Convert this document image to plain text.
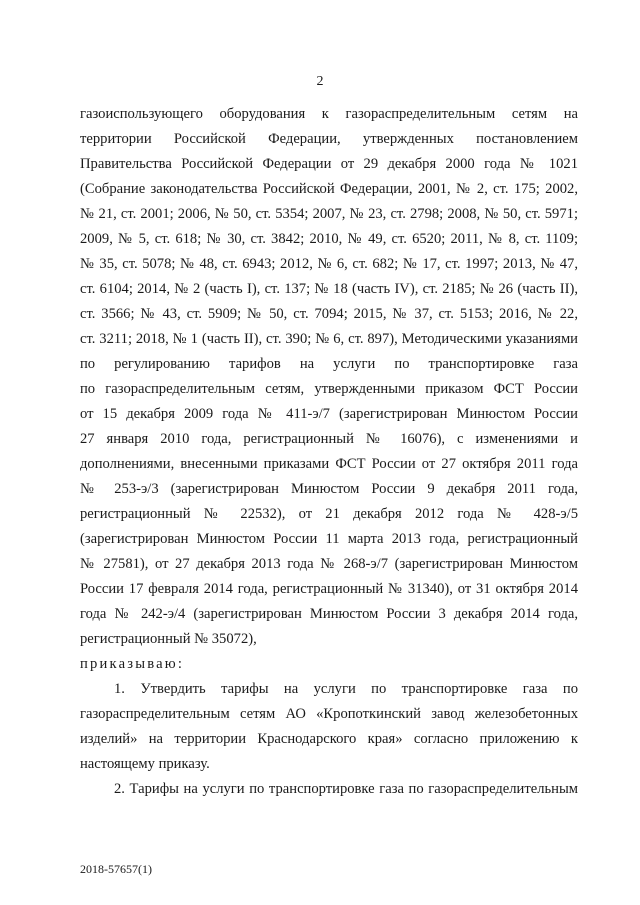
2
газоиспользующего оборудования к газораспределительным сетям на
территории Российской Федерации, утвержденных постановлением
Правительства Российской Федерации от 29 декабря 2000 года № 1021
(Собрание законодательства Российской Федерации, 2001, № 2, ст. 175; 2002,
№ 21, ст. 2001; 2006, № 50, ст. 5354; 2007, № 23, ст. 2798; 2008, № 50, ст. 5971;
2009, № 5, ст. 618; № 30, ст. 3842; 2010, № 49, ст. 6520; 2011, № 8, ст. 1109;
№ 35, ст. 5078; № 48, ст. 6943; 2012, № 6, ст. 682; № 17, ст. 1997; 2013, № 47,
ст. 6104; 2014, № 2 (часть I), ст. 137; № 18 (часть IV), ст. 2185; № 26 (часть II),
ст. 3566; № 43, ст. 5909; № 50, ст. 7094; 2015, № 37, ст. 5153; 2016, № 22,
ст. 3211; 2018, № 1 (часть II), ст. 390; № 6, ст. 897), Методическими указаниями
по регулированию тарифов на услуги по транспортировке газа
по газораспределительным сетям, утвержденными приказом ФСТ России
от 15 декабря 2009 года № 411-э/7 (зарегистрирован Минюстом России
27 января 2010 года, регистрационный № 16076), с изменениями и
дополнениями, внесенными приказами ФСТ России от 27 октября 2011 года
№ 253-э/3 (зарегистрирован Минюстом России 9 декабря 2011 года,
регистрационный № 22532), от 21 декабря 2012 года № 428-э/5
(зарегистрирован Минюстом России 11 марта 2013 года, регистрационный
№ 27581), от 27 декабря 2013 года № 268-э/7 (зарегистрирован Минюстом
России 17 февраля 2014 года, регистрационный № 31340), от 31 октября 2014
года № 242-э/4 (зарегистрирован Минюстом России 3 декабря 2014 года,
регистрационный № 35072),
приказываю:
1. Утвердить тарифы на услуги по транспортировке газа по
газораспределительным сетям АО «Кропоткинский завод железобетонных
изделий» на территории Краснодарского края» согласно приложению к
настоящему приказу.
2. Тарифы на услуги по транспортировке газа по газораспределительным
2018-57657(1)
